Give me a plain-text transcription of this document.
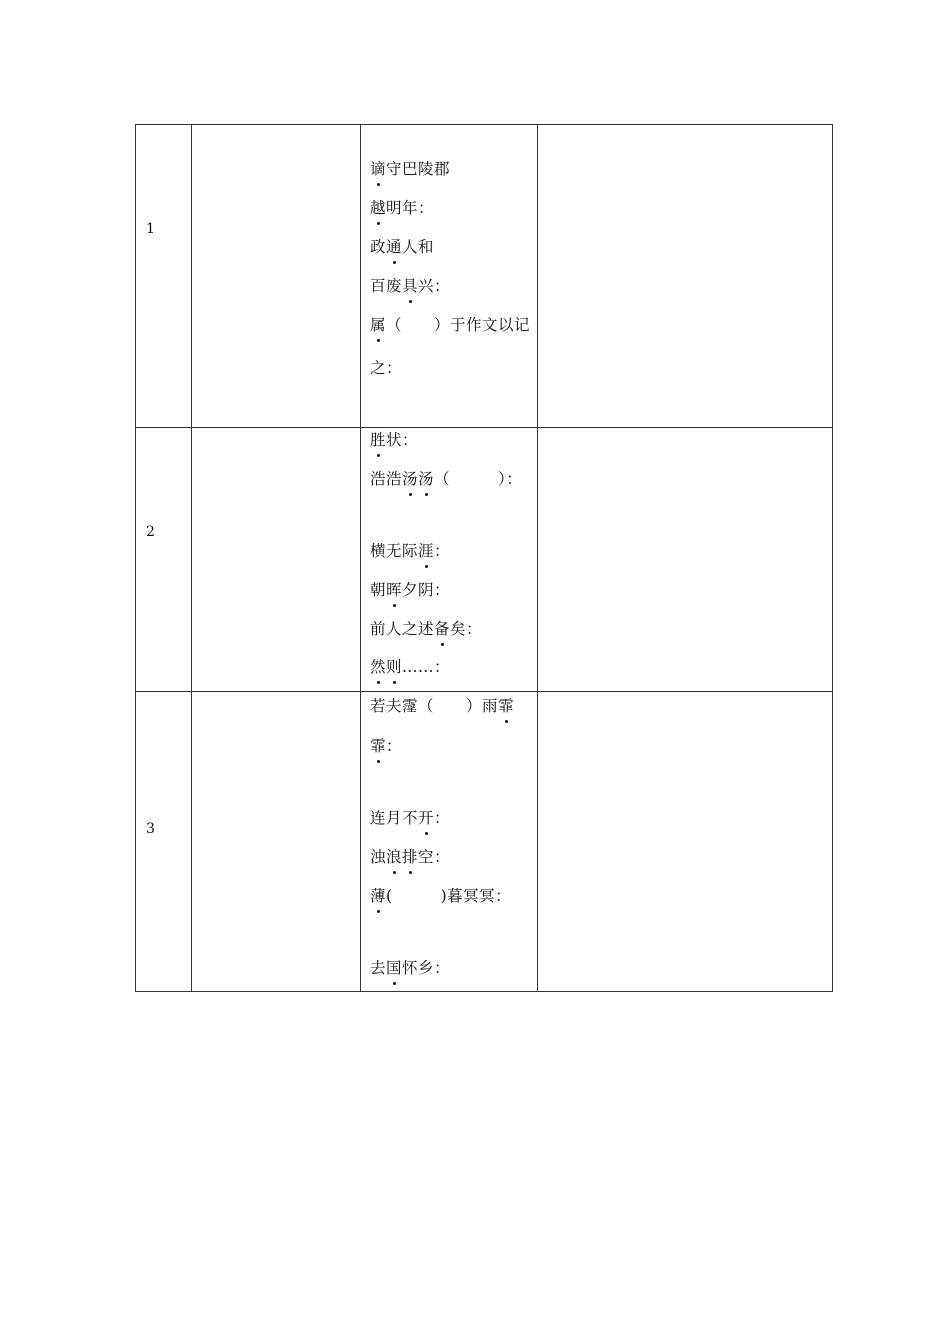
1
2
3
谪守巴陵郡
越明年：
政通人和
百废具兴：
属（　　）于作文以记
之：
胜状：
浩浩汤汤（　　　）：
横无际涯：
朝晖夕阴：
前人之述备矣：
然则……：
若夫霪（　　）雨霏
霏：
连月不开：
浊浪排空：
薄(　　　)暮冥冥：
去国怀乡：
